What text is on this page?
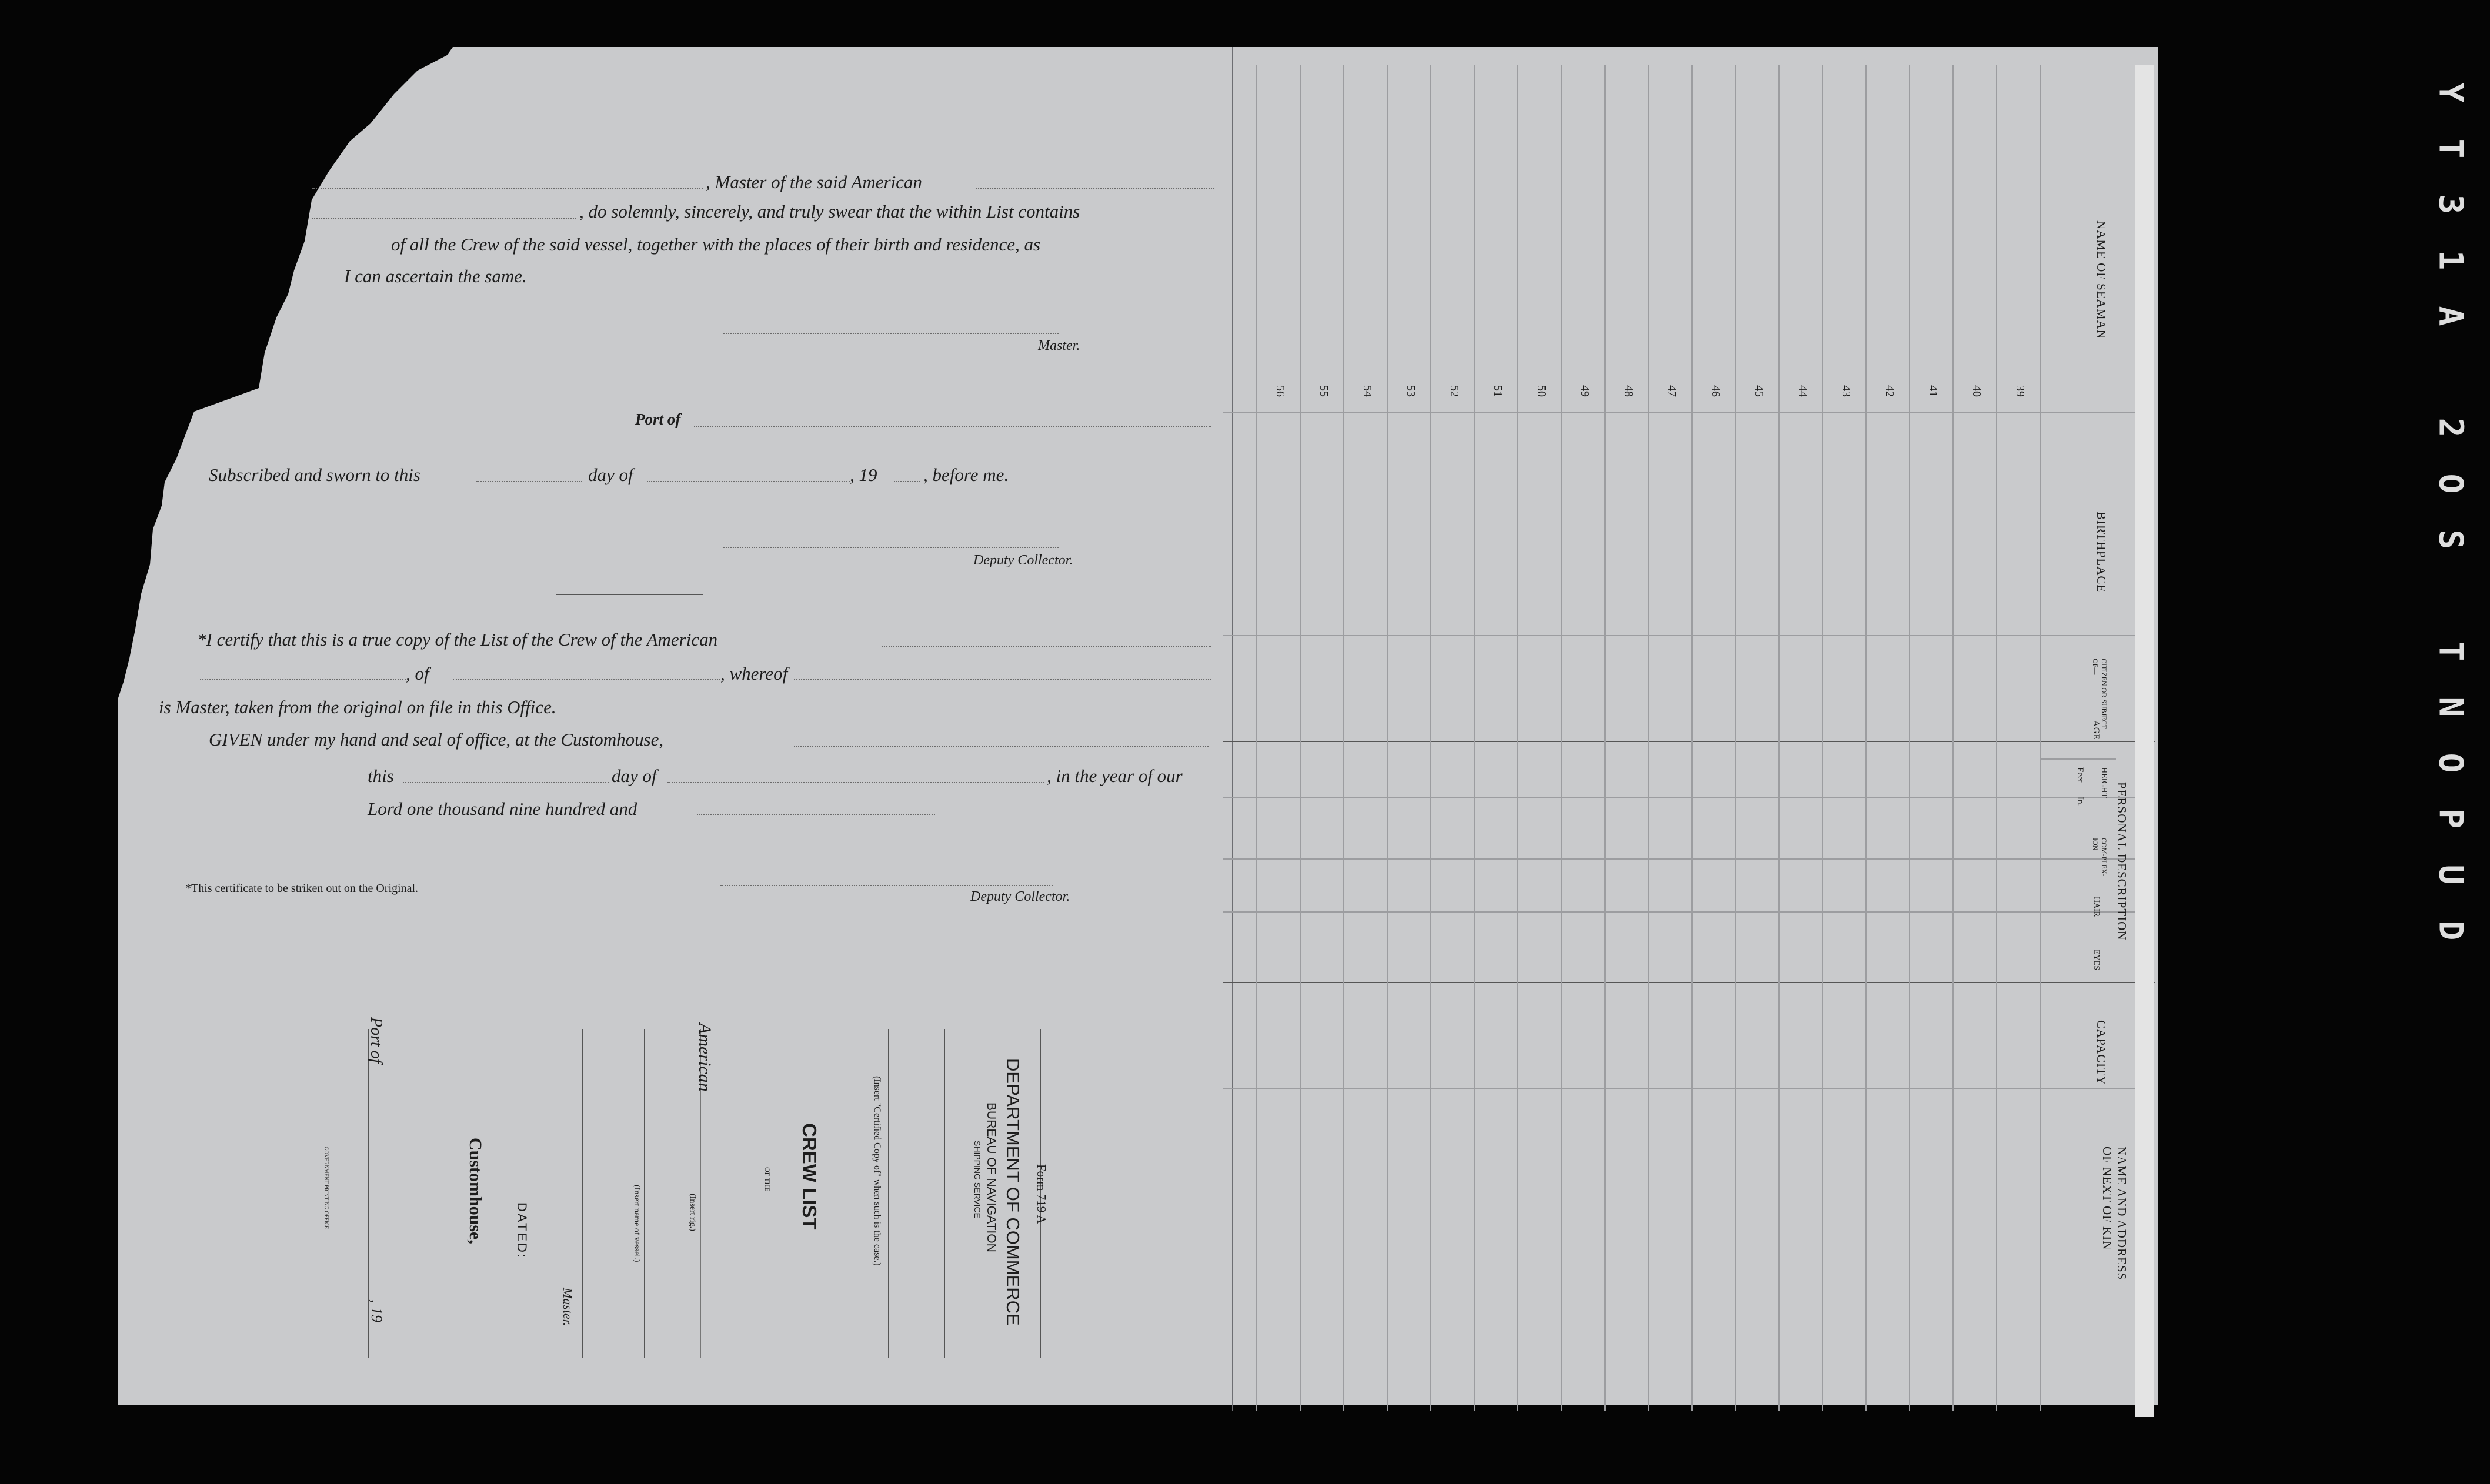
, Master of the said American
, do solemnly, sincerely, and truly swear that the within List contains
of all the Crew of the said vessel, together with the places of their birth and residence, as
I can ascertain the same.
Master.
Port of
Subscribed and sworn to this	day of	, 19	, before me.
Deputy Collector.
*I certify that this is a true copy of the List of the Crew of the American
, of	, whereof
is Master, taken from the original on file in this Office.
GIVEN under my hand and seal of office, at the Customhouse,
this	day of	, in the year of our
Lord one thousand nine hundred and
*This certificate to be striken out on the Original.
Deputy Collector.
Form 719 A
DEPARTMENT OF COMMERCE
BUREAU OF NAVIGATION
SHIPPING SERVICE
(Insert "Certified Copy of" when such is the case.)
CREW LIST
OF THE
American
(Insert rig.)
(Insert name of vessel.)
Master.
DATED:
Customhouse,
Port of
, 19
GOVERNMENT PRINTING OFFICE
39
40
41
42
43
44
45
46
47
48
49
50
51
52
53
54
55
56
NAME OF SEAMAN
BIRTHPLACE
CITIZEN OR SUBJECT OF—
AGE
PERSONAL DESCRIPTION
HEIGHT
Feet
In.
COM-PLEX-ION
HAIR
EYES
CAPACITY
NAME AND ADDRESS OF NEXT OF KIN
D
U
P
O
N
T
S
O
2
A
1
3
T
Y
